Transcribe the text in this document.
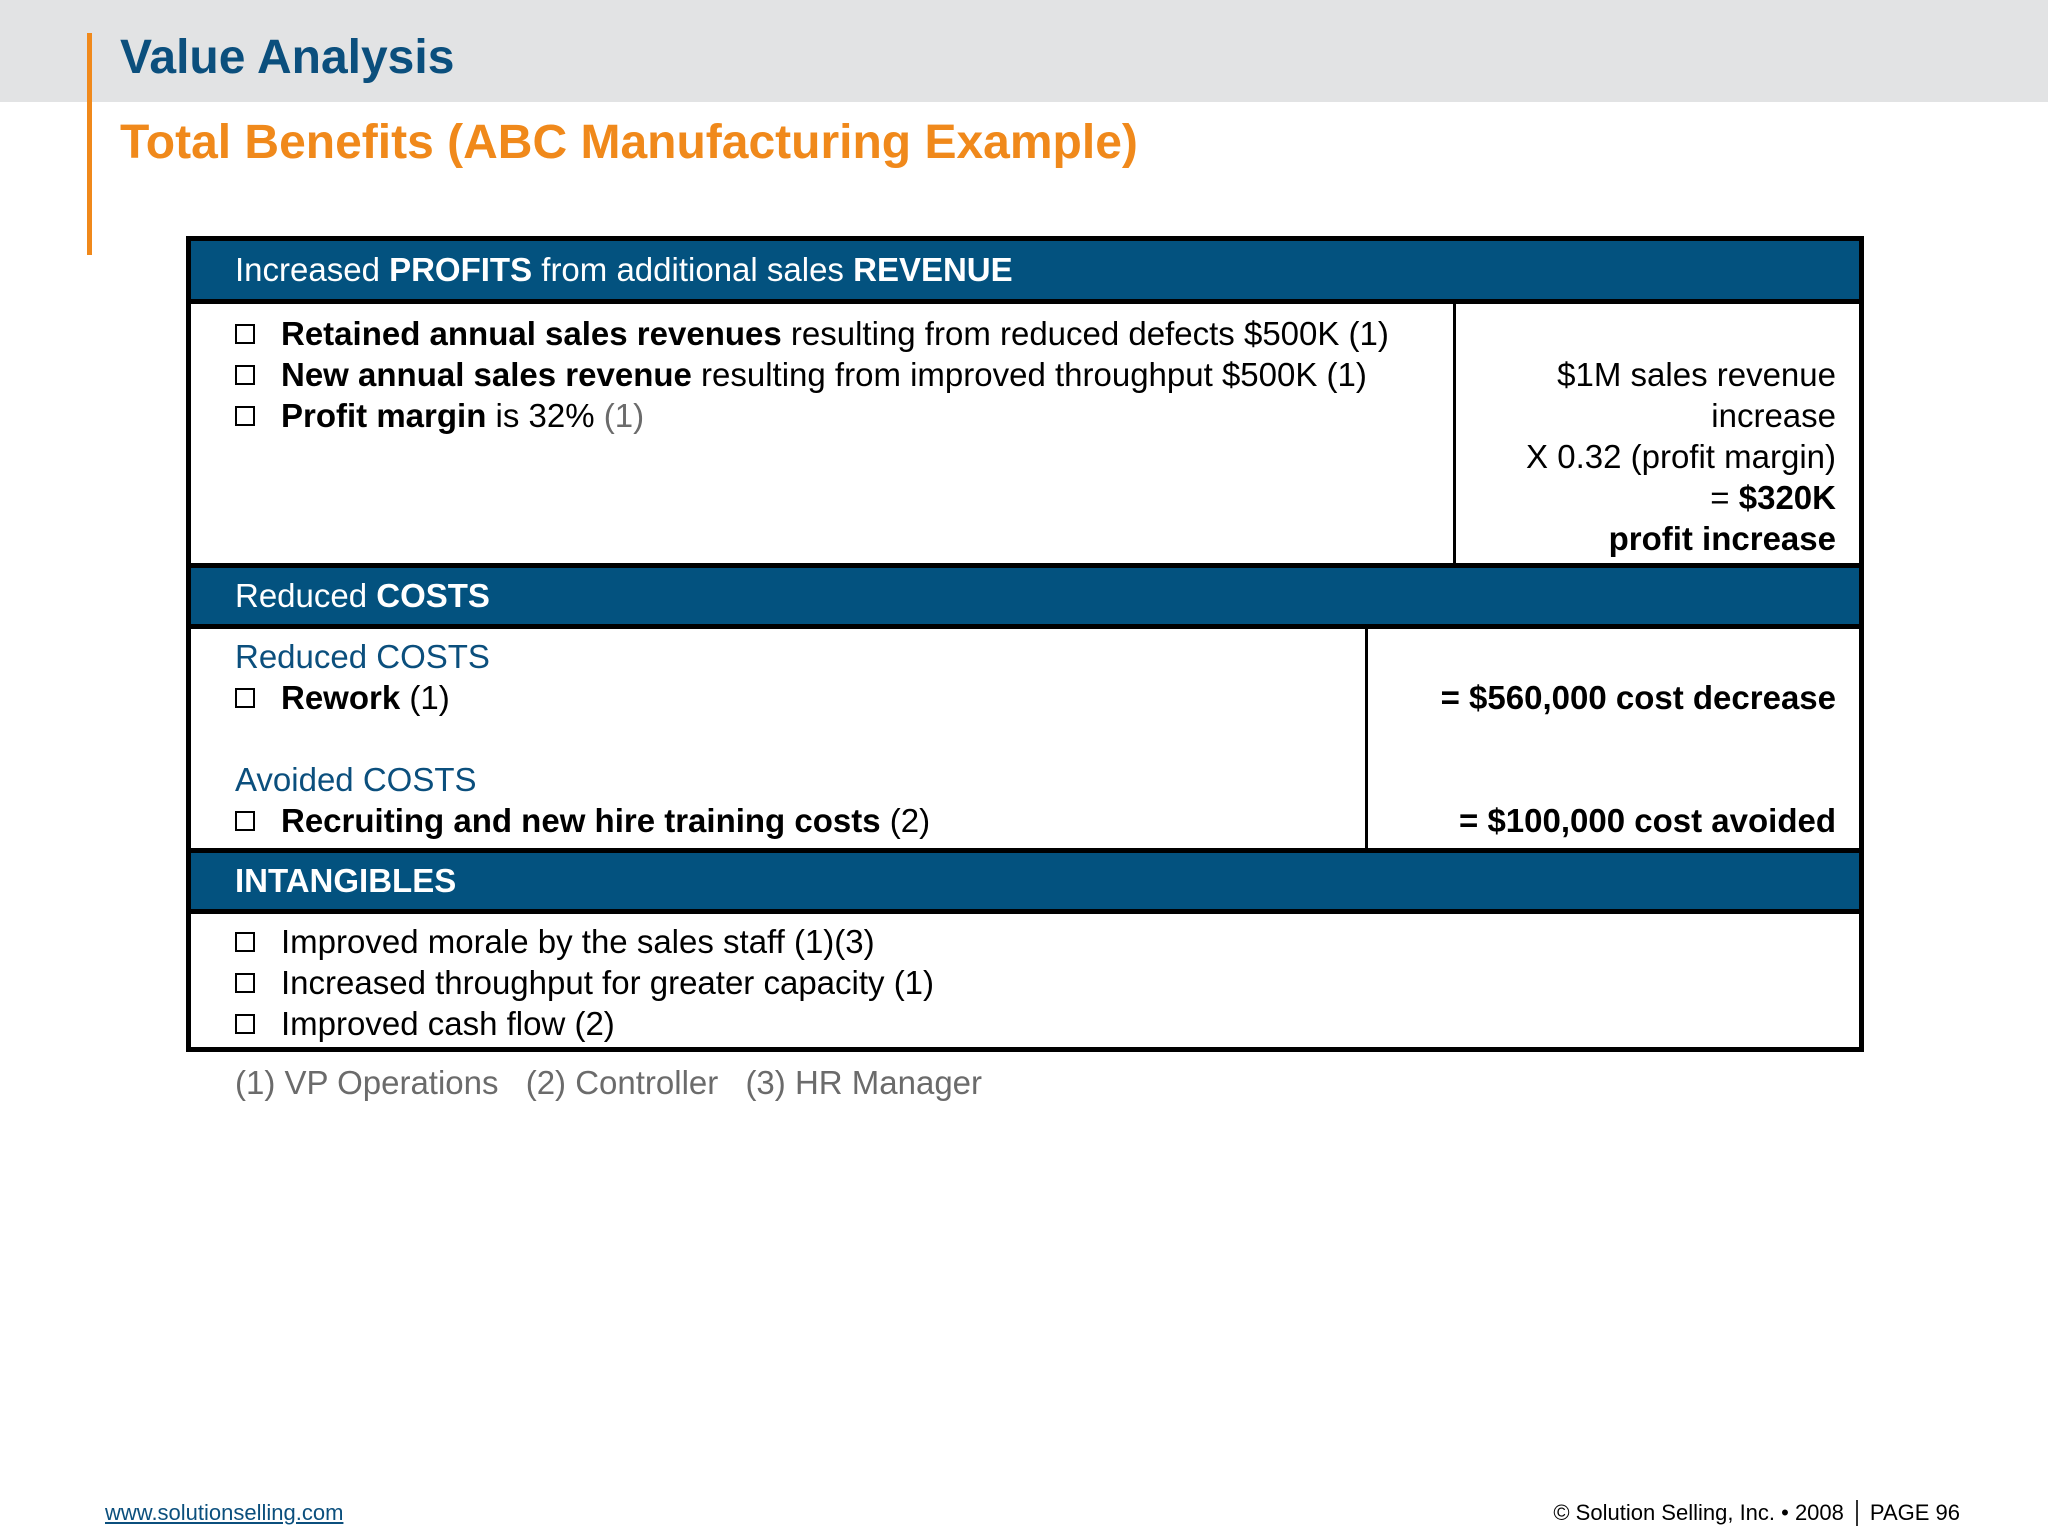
Value Analysis
Total Benefits (ABC Manufacturing Example)
Increased PROFITS from additional sales REVENUE
Retained annual sales revenues resulting from reduced defects $500K (1)
New annual sales revenue resulting from improved throughput $500K (1)
Profit margin is 32% (1)
$1M sales revenue
increase
X 0.32 (profit margin)
= $320K
profit increase
Reduced COSTS
Reduced COSTS
Rework (1)
Avoided COSTS
Recruiting and new hire training costs (2)
= $560,000 cost decrease
= $100,000 cost avoided
INTANGIBLES
Improved morale by the sales staff (1)(3)
Increased throughput for greater capacity (1)
Improved cash flow (2)
(1) VP Operations (2) Controller (3) HR Manager
www.solutionselling.com	© Solution Selling, Inc. • 2008 PAGE 96
